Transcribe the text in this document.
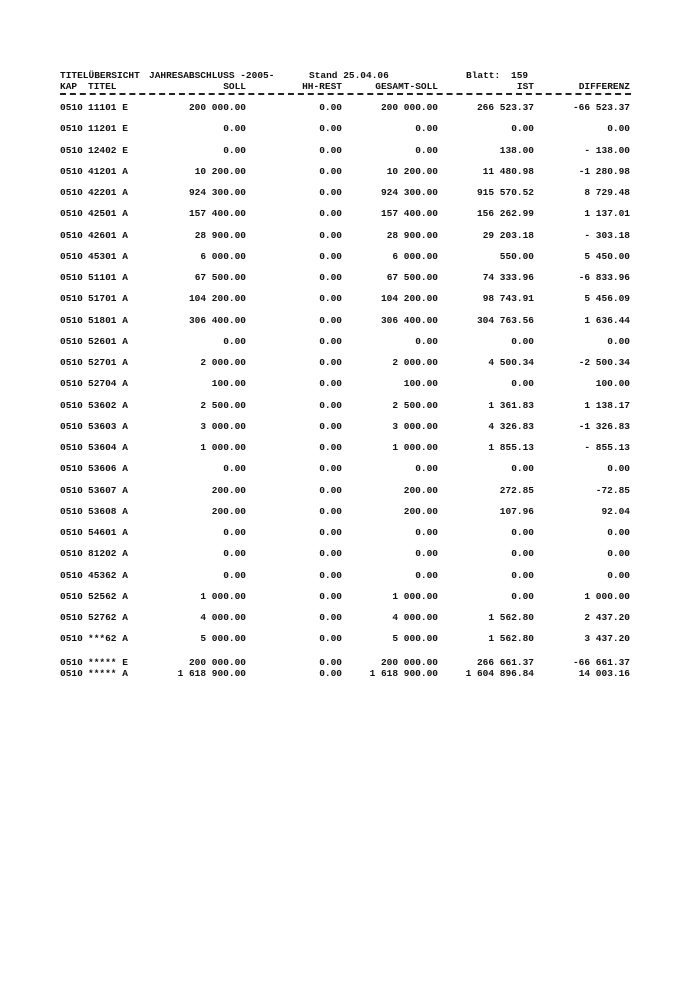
TITELÜBERSICHT JAHRESABSCHLUSS -2005-	Stand 25.04.06	Blatt: 159
KAP TITEL	SOLL	HH-REST	GESAMT-SOLL	IST	DIFFERENZ
0510 11101 E	200 000.00	0.00	200 000.00	266 523.37	-66 523.37
0510 11201 E	0.00	0.00	0.00	0.00	0.00
0510 12402 E	0.00	0.00	0.00	138.00	- 138.00
0510 41201 A	10 200.00	0.00	10 200.00	11 480.98	-1 280.98
0510 42201 A	924 300.00	0.00	924 300.00	915 570.52	8 729.48
0510 42501 A	157 400.00	0.00	157 400.00	156 262.99	1 137.01
0510 42601 A	28 900.00	0.00	28 900.00	29 203.18	- 303.18
0510 45301 A	6 000.00	0.00	6 000.00	550.00	5 450.00
0510 51101 A	67 500.00	0.00	67 500.00	74 333.96	-6 833.96
0510 51701 A	104 200.00	0.00	104 200.00	98 743.91	5 456.09
0510 51801 A	306 400.00	0.00	306 400.00	304 763.56	1 636.44
0510 52601 A	0.00	0.00	0.00	0.00	0.00
0510 52701 A	2 000.00	0.00	2 000.00	4 500.34	-2 500.34
0510 52704 A	100.00	0.00	100.00	0.00	100.00
0510 53602 A	2 500.00	0.00	2 500.00	1 361.83	1 138.17
0510 53603 A	3 000.00	0.00	3 000.00	4 326.83	-1 326.83
0510 53604 A	1 000.00	0.00	1 000.00	1 855.13	- 855.13
0510 53606 A	0.00	0.00	0.00	0.00	0.00
0510 53607 A	200.00	0.00	200.00	272.85	-72.85
0510 53608 A	200.00	0.00	200.00	107.96	92.04
0510 54601 A	0.00	0.00	0.00	0.00	0.00
0510 81202 A	0.00	0.00	0.00	0.00	0.00
0510 45362 A	0.00	0.00	0.00	0.00	0.00
0510 52562 A	1 000.00	0.00	1 000.00	0.00	1 000.00
0510 52762 A	4 000.00	0.00	4 000.00	1 562.80	2 437.20
0510 ***62 A	5 000.00	0.00	5 000.00	1 562.80	3 437.20
0510 ***** E	200 000.00	0.00	200 000.00	266 661.37	-66 661.37
0510 ***** A	1 618 900.00	0.00	1 618 900.00	1 604 896.84	14 003.16
